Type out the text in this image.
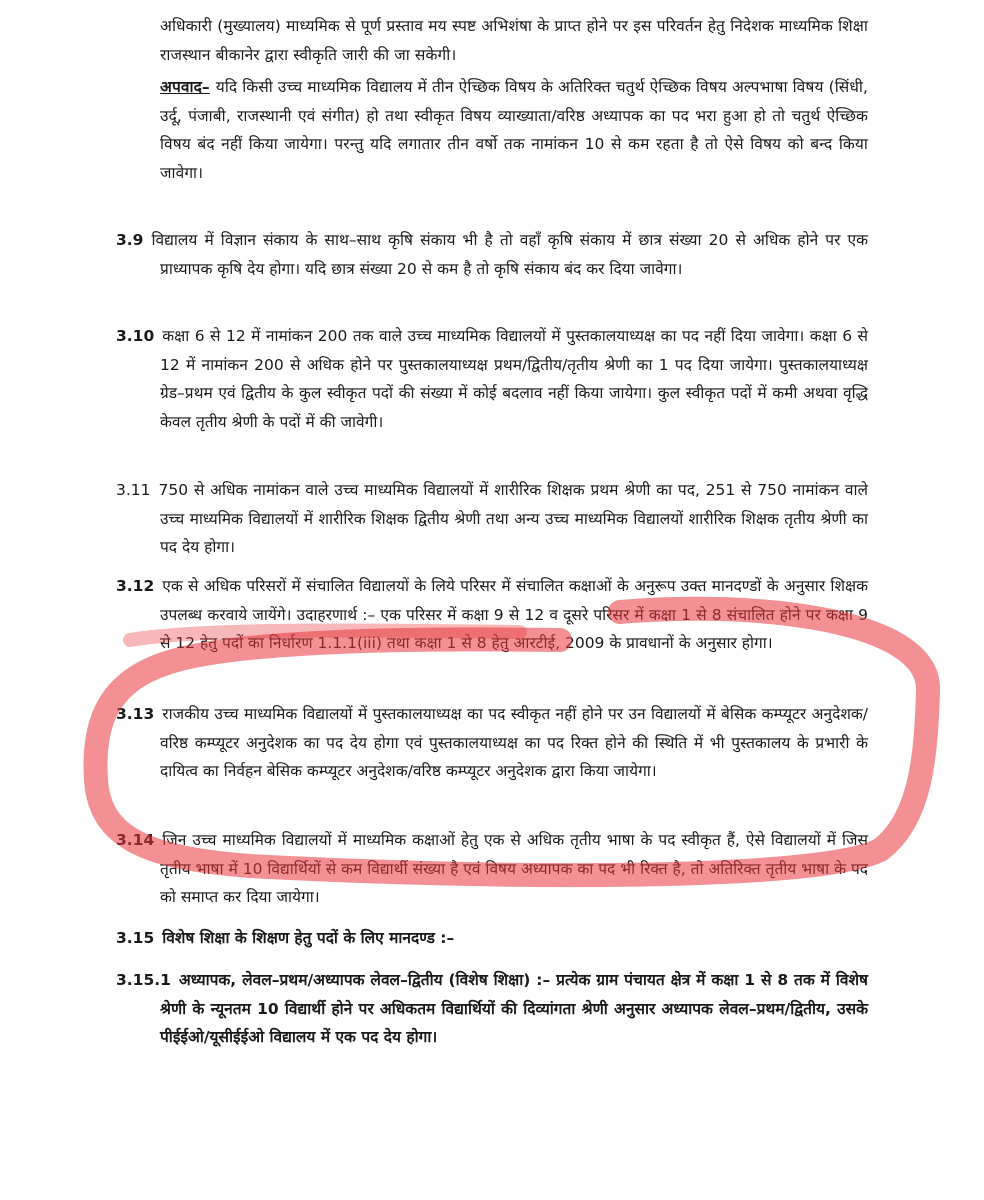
अधिकारी (मुख्यालय) माध्यमिक से पूर्ण प्रस्ताव मय स्पष्ट अभिशंषा के प्राप्त होने पर इस परिवर्तन हेतु निदेशक माध्यमिक शिक्षा राजस्थान बीकानेर द्वारा स्वीकृति जारी की जा सकेगी।

अपवाद– यदि किसी उच्च माध्यमिक विद्यालय में तीन ऐच्छिक विषय के अतिरिक्त चतुर्थ ऐच्छिक विषय अल्पभाषा विषय (सिंधी, उर्दू, पंजाबी, राजस्थानी एवं संगीत) हो तथा स्वीकृत विषय व्याख्याता/वरिष्ठ अध्यापक का पद भरा हुआ हो तो चतुर्थ ऐच्छिक विषय बंद नहीं किया जायेगा। परन्तु यदि लगातार तीन वर्षो तक नामांकन 10 से कम रहता है तो ऐसे विषय को बन्द किया जावेगा।

3.9 विद्यालय में विज्ञान संकाय के साथ–साथ कृषि संकाय भी है तो वहाँ कृषि संकाय में छात्र संख्या 20 से अधिक होने पर एक प्राध्यापक कृषि देय होगा। यदि छात्र संख्या 20 से कम है तो कृषि संकाय बंद कर दिया जावेगा।
3.10 कक्षा 6 से 12 में नामांकन 200 तक वाले उच्च माध्यमिक विद्यालयों में पुस्तकालयाध्यक्ष का पद नहीं दिया जावेगा। कक्षा 6 से 12 में नामांकन 200 से अधिक होने पर पुस्तकालयाध्यक्ष प्रथम/द्वितीय/तृतीय श्रेणी का 1 पद दिया जायेगा। पुस्तकालयाध्यक्ष ग्रेड–प्रथम एवं द्वितीय के कुल स्वीकृत पदों की संख्या में कोई बदलाव नहीं किया जायेगा। कुल स्वीकृत पदों में कमी अथवा वृद्धि केवल तृतीय श्रेणी के पदों में की जावेगी।
3.11 750 से अधिक नामांकन वाले उच्च माध्यमिक विद्यालयों में शारीरिक शिक्षक प्रथम श्रेणी का पद, 251 से 750 नामांकन वाले उच्च माध्यमिक विद्यालयों में शारीरिक शिक्षक द्वितीय श्रेणी तथा अन्य उच्च माध्यमिक विद्यालयों शारीरिक शिक्षक तृतीय श्रेणी का पद देय होगा।
3.12 एक से अधिक परिसरों में संचालित विद्यालयों के लिये परिसर में संचालित कक्षाओं के अनुरूप उक्त मानदण्डों के अनुसार शिक्षक उपलब्ध करवाये जायेंगे। उदाहरणार्थ :– एक परिसर में कक्षा 9 से 12 व दूसरे परिसर में कक्षा 1 से 8 संचालित होने पर कक्षा 9 से 12 हेतु पदों का निर्धारण 1.1.1(iii) तथा कक्षा 1 से 8 हेतु आरटीई, 2009 के प्रावधानों के अनुसार होगा।
3.13 राजकीय उच्च माध्यमिक विद्यालयों में पुस्तकालयाध्यक्ष का पद स्वीकृत नहीं होने पर उन विद्यालयों में बेसिक कम्प्यूटर अनुदेशक/वरिष्ठ कम्प्यूटर अनुदेशक का पद देय होगा एवं पुस्तकालयाध्यक्ष का पद रिक्त होने की स्थिति में भी पुस्तकालय के प्रभारी के दायित्व का निर्वहन बेसिक कम्प्यूटर अनुदेशक/वरिष्ठ कम्प्यूटर अनुदेशक द्वारा किया जायेगा।
3.14 जिन उच्च माध्यमिक विद्यालयों में माध्यमिक कक्षाओं हेतु एक से अधिक तृतीय भाषा के पद स्वीकृत हैं, ऐसे विद्यालयों में जिस तृतीय भाषा में 10 विद्यार्थियों से कम विद्यार्थी संख्या है एवं विषय अध्यापक का पद भी रिक्त है, तो अतिरिक्त तृतीय भाषा के पद को समाप्त कर दिया जायेगा।
3.15 विशेष शिक्षा के शिक्षण हेतु पदों के लिए मानदण्ड :–
3.15.1 अध्यापक, लेवल–प्रथम/अध्यापक लेवल–द्वितीय (विशेष शिक्षा) :– प्रत्येक ग्राम पंचायत क्षेत्र में कक्षा 1 से 8 तक में विशेष श्रेणी के न्यूनतम 10 विद्यार्थी होने पर अधिकतम विद्यार्थियों की दिव्यांगता श्रेणी अनुसार अध्यापक लेवल–प्रथम/द्वितीय, उसके पीईईओ/यूसीईईओ विद्यालय में एक पद देय होगा।
